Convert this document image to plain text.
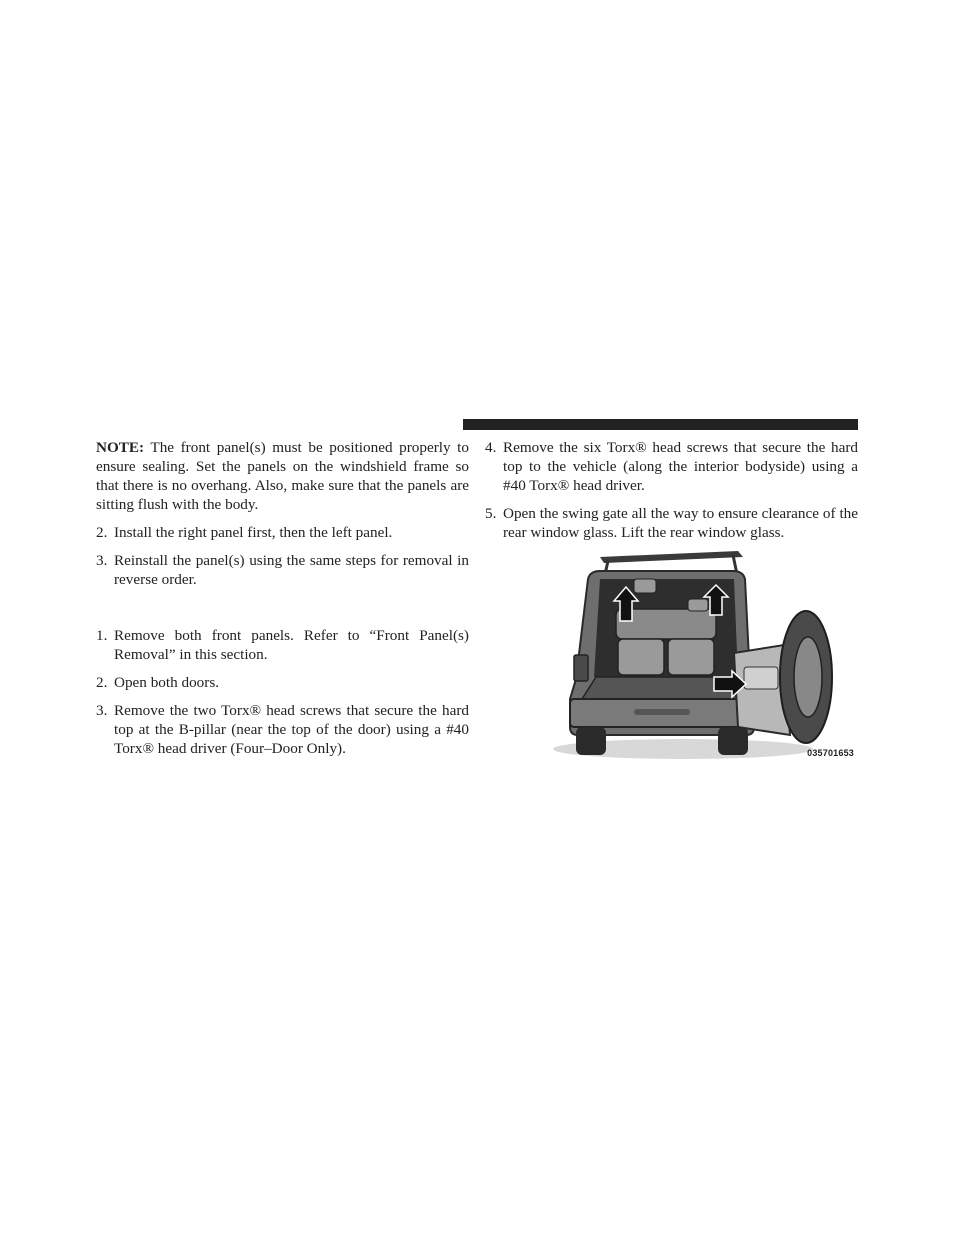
NOTE: The front panel(s) must be positioned properly to ensure sealing. Set the panels on the windshield frame so that there is no overhang. Also, make sure that the panels are sitting flush with the body.

2. Install the right panel first, then the left panel.
3. Reinstall the panel(s) using the same steps for removal in reverse order.
1. Remove both front panels. Refer to “Front Panel(s) Removal” in this section.
2. Open both doors.
3. Remove the two Torx® head screws that secure the hard top at the B-pillar (near the top of the door) using a #40 Torx® head driver (Four–Door Only).
4. Remove the six Torx® head screws that secure the hard top to the vehicle (along the interior bodyside) using a #40 Torx® head driver.
5. Open the swing gate all the way to ensure clearance of the rear window glass. Lift the rear window glass.
035701653
